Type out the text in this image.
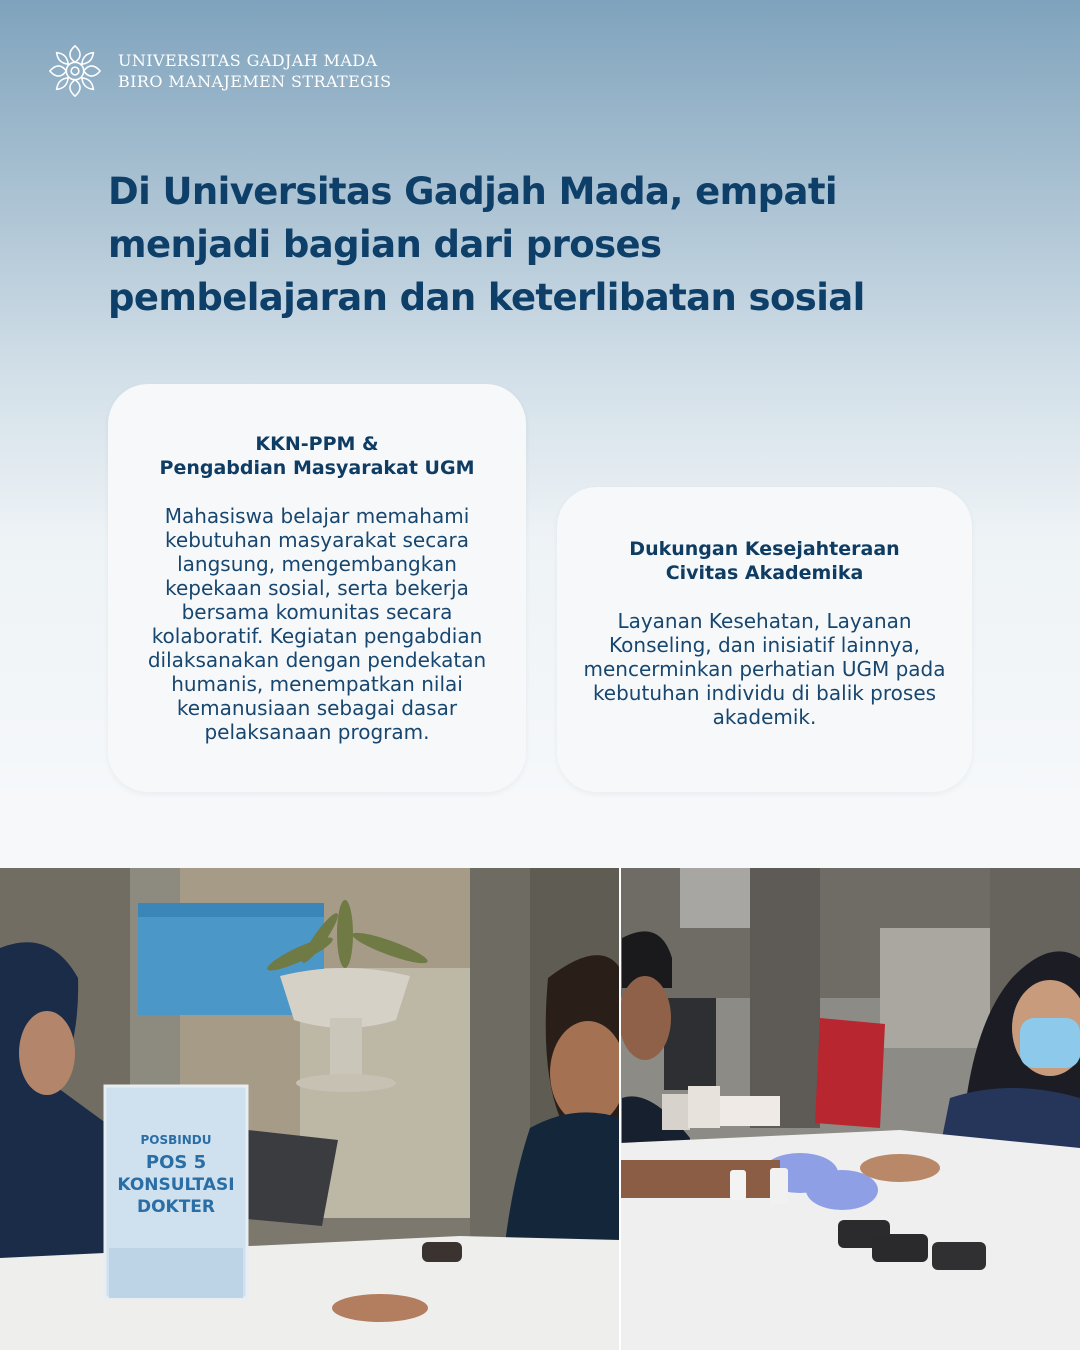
UNIVERSITAS GADJAH MADA
BIRO MANAJEMEN STRATEGIS
Di Universitas Gadjah Mada, empati
menjadi bagian dari proses
pembelajaran dan keterlibatan sosial
KKN-PPM &
Pengabdian Masyarakat UGM

Mahasiswa belajar memahami kebutuhan masyarakat secara langsung, mengembangkan kepekaan sosial, serta bekerja bersama komunitas secara kolaboratif. Kegiatan pengabdian dilaksanakan dengan pendekatan humanis, menempatkan nilai kemanusiaan sebagai dasar pelaksanaan program.

Dukungan Kesejahteraan
Civitas Akademika

Layanan Kesehatan, Layanan Konseling, dan inisiatif lainnya, mencerminkan perhatian UGM pada kebutuhan individu di balik proses akademik.

POSBINDU
POS 5
KONSULTASI
DOKTER
